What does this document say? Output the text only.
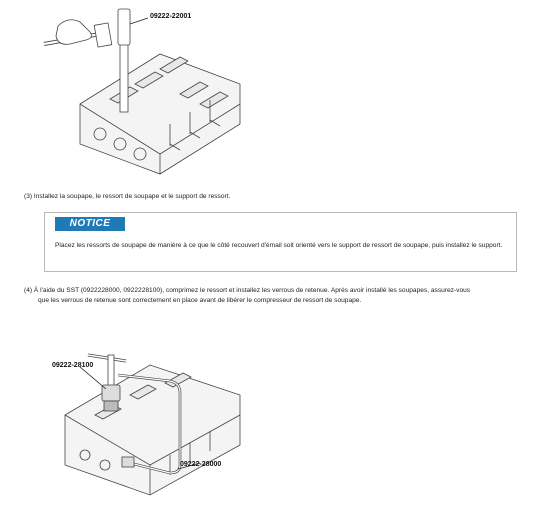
09222-22001
(3) Installez la soupape, le ressort de soupape et le support de ressort.
NOTICE
Placez les ressorts de soupape de manière à ce que le côté recouvert d'émail soit orienté vers le support de ressort de soupape, puis installez le support.
(4) À l'aide du SST (0922228000, 0922228100), comprimez le ressort et installez les verrous de retenue. Après avoir installé les soupapes, assurez-vous
que les verrous de retenue sont correctement en place avant de libérer le compresseur de ressort de soupape.
09222-28100
09222-28000
